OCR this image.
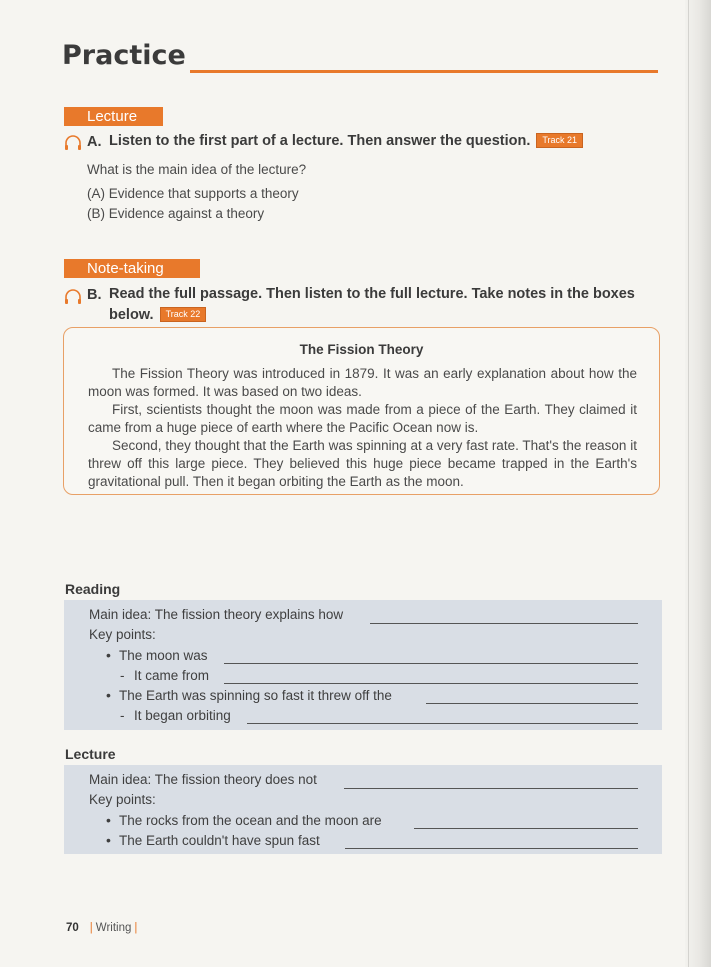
Practice
Lecture
A. Listen to the first part of a lecture. Then answer the question. Track 21
What is the main idea of the lecture?
(A) Evidence that supports a theory
(B) Evidence against a theory
Note-taking
B. Read the full passage. Then listen to the full lecture. Take notes in the boxes
below. Track 22
The Fission Theory

The Fission Theory was introduced in 1879. It was an early explanation about how the moon was formed. It was based on two ideas.

First, scientists thought the moon was made from a piece of the Earth. They claimed it came from a huge piece of earth where the Pacific Ocean now is.

Second, they thought that the Earth was spinning at a very fast rate. That's the reason it threw off this large piece. They believed this huge piece became trapped in the Earth's gravitational pull. Then it began orbiting the Earth as the moon.

Reading
Main idea: The fission theory explains how
Key points:
• The moon was
- It came from
• The Earth was spinning so fast it threw off the
- It began orbiting
Lecture
Main idea: The fission theory does not
Key points:
• The rocks from the ocean and the moon are
• The Earth couldn't have spun fast
70 | Writing |
